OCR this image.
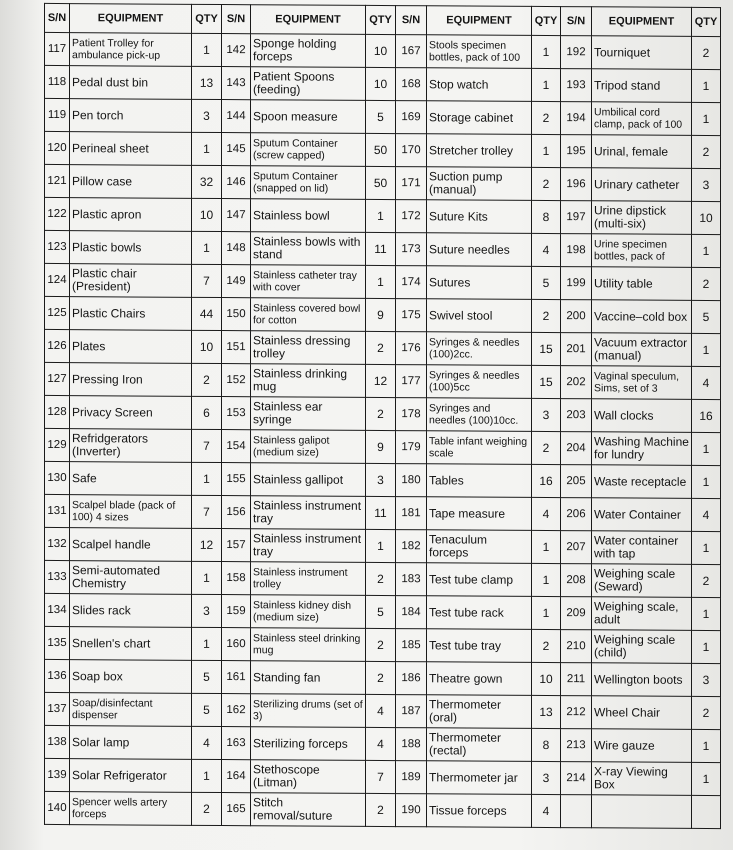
S/N	EQUIPMENT	QTY	S/N	EQUIPMENT	QTY	S/N	EQUIPMENT	QTY	S/N	EQUIPMENT	QTY
117	Patient Trolley for ambulance pick-up	1	142	Sponge holding forceps	10	167	Stools specimen bottles, pack of 100	1	192	Tourniquet	2
118	Pedal dust bin	13	143	Patient Spoons (feeding)	10	168	Stop watch	1	193	Tripod stand	1
119	Pen torch	3	144	Spoon measure	5	169	Storage cabinet	2	194	Umbilical cord clamp, pack of 100	1
120	Perineal sheet	1	145	Sputum Container (screw capped)	50	170	Stretcher trolley	1	195	Urinal, female	2
121	Pillow case	32	146	Sputum Container (snapped on lid)	50	171	Suction pump (manual)	2	196	Urinary catheter	3
122	Plastic apron	10	147	Stainless bowl	1	172	Suture Kits	8	197	Urine dipstick (multi-six)	10
123	Plastic bowls	1	148	Stainless bowls with stand	11	173	Suture needles	4	198	Urine specimen bottles, pack of	1
124	Plastic chair (President)	7	149	Stainless catheter tray with cover	1	174	Sutures	5	199	Utility table	2
125	Plastic Chairs	44	150	Stainless covered bowl for cotton	9	175	Swivel stool	2	200	Vaccine–cold box	5
126	Plates	10	151	Stainless dressing trolley	2	176	Syringes & needles (100)2cc.	15	201	Vacuum extractor (manual)	1
127	Pressing Iron	2	152	Stainless drinking mug	12	177	Syringes & needles (100)5cc	15	202	Vaginal speculum, Sims, set of 3	4
128	Privacy Screen	6	153	Stainless ear syringe	2	178	Syringes and needles (100)10cc.	3	203	Wall clocks	16
129	Refridgerators (Inverter)	7	154	Stainless galipot (medium size)	9	179	Table infant weighing scale	2	204	Washing Machine for lundry	1
130	Safe	1	155	Stainless gallipot	3	180	Tables	16	205	Waste receptacle	1
131	Scalpel blade (pack of 100) 4 sizes	7	156	Stainless instrument tray	11	181	Tape measure	4	206	Water Container	4
132	Scalpel handle	12	157	Stainless instrument tray	1	182	Tenaculum forceps	1	207	Water container with tap	1
133	Semi-automated Chemistry	1	158	Stainless instrument trolley	2	183	Test tube clamp	1	208	Weighing scale (Seward)	2
134	Slides rack	3	159	Stainless kidney dish (medium size)	5	184	Test tube rack	1	209	Weighing scale, adult	1
135	Snellen's chart	1	160	Stainless steel drinking mug	2	185	Test tube tray	2	210	Weighing scale (child)	1
136	Soap box	5	161	Standing fan	2	186	Theatre gown	10	211	Wellington boots	3
137	Soap/disinfectant dispenser	5	162	Sterilizing drums (set of 3)	4	187	Thermometer (oral)	13	212	Wheel Chair	2
138	Solar lamp	4	163	Sterilizing forceps	4	188	Thermometer (rectal)	8	213	Wire gauze	1
139	Solar Refrigerator	1	164	Stethoscope (Litman)	7	189	Thermometer jar	3	214	X-ray Viewing Box	1
140	Spencer wells artery forceps	2	165	Stitch removal/suture	2	190	Tissue forceps	4			
